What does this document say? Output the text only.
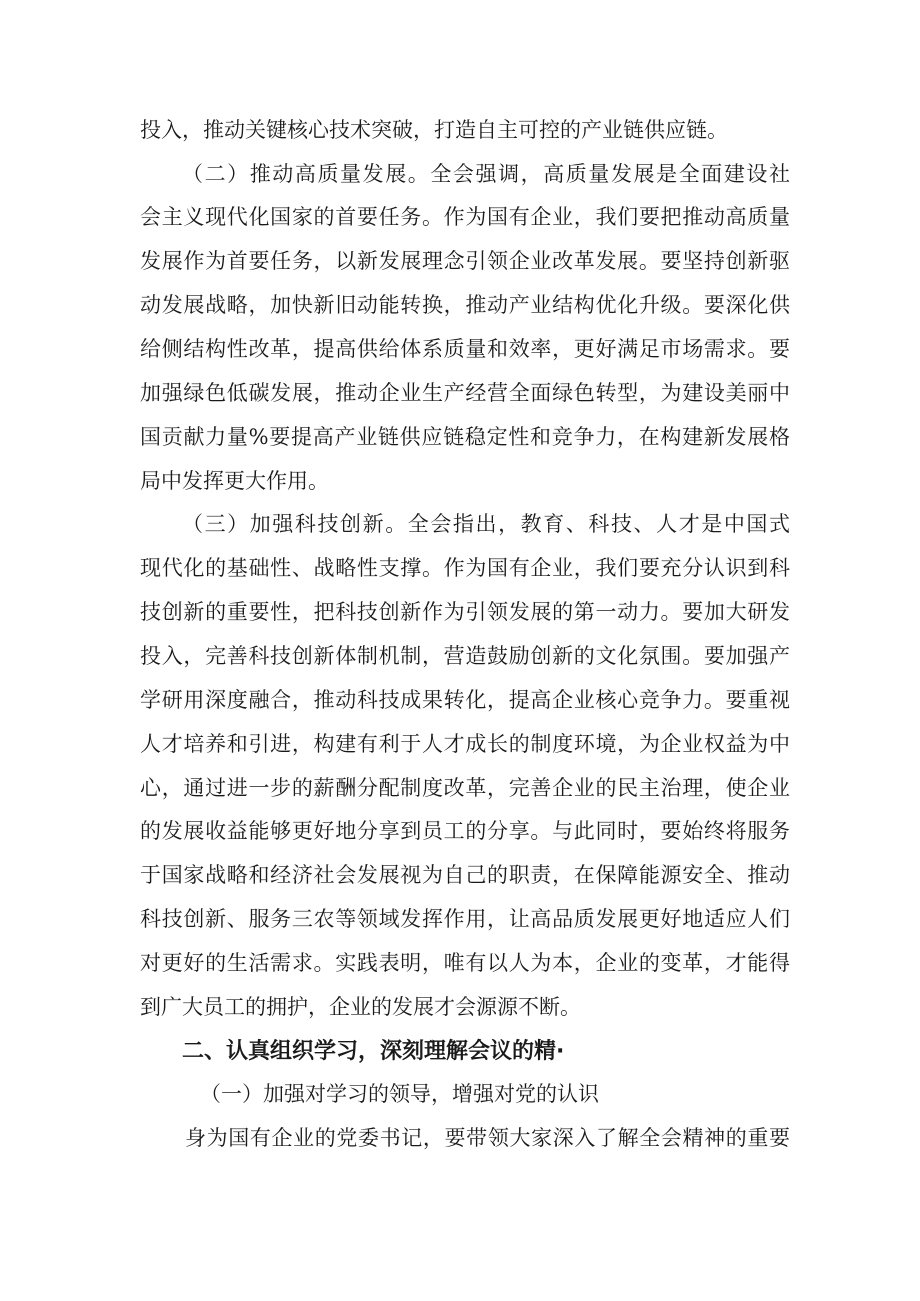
投入，推动关键核心技术突破，打造自主可控的产业链供应链。
（二）推动高质量发展。全会强调，高质量发展是全面建设社
会主义现代化国家的首要任务。作为国有企业，我们要把推动高质量
发展作为首要任务，以新发展理念引领企业改革发展。要坚持创新驱
动发展战略，加快新旧动能转换，推动产业结构优化升级。要深化供
给侧结构性改革，提高供给体系质量和效率，更好满足市场需求。要
加强绿色低碳发展，推动企业生产经营全面绿色转型，为建设美丽中
国贡献力量%要提高产业链供应链稳定性和竞争力，在构建新发展格
局中发挥更大作用。
（三）加强科技创新。全会指出，教育、科技、人才是中国式
现代化的基础性、战略性支撑。作为国有企业，我们要充分认识到科
技创新的重要性，把科技创新作为引领发展的第一动力。要加大研发
投入，完善科技创新体制机制，营造鼓励创新的文化氛围。要加强产
学研用深度融合，推动科技成果转化，提高企业核心竞争力。要重视
人才培养和引进，构建有利于人才成长的制度环境，为企业权益为中
心，通过进一步的薪酬分配制度改革，完善企业的民主治理，使企业
的发展收益能够更好地分享到员工的分享。与此同时，要始终将服务
于国家战略和经济社会发展视为自己的职责，在保障能源安全、推动
科技创新、服务三农等领域发挥作用，让高品质发展更好地适应人们
对更好的生活需求。实践表明，唯有以人为本，企业的变革，才能得
到广大员工的拥护，企业的发展才会源源不断。
二、认真组织学习，深刻理解会议的精·
（一）加强对学习的领导，增强对党的认识
身为国有企业的党委书记，要带领大家深入了解全会精神的重要
